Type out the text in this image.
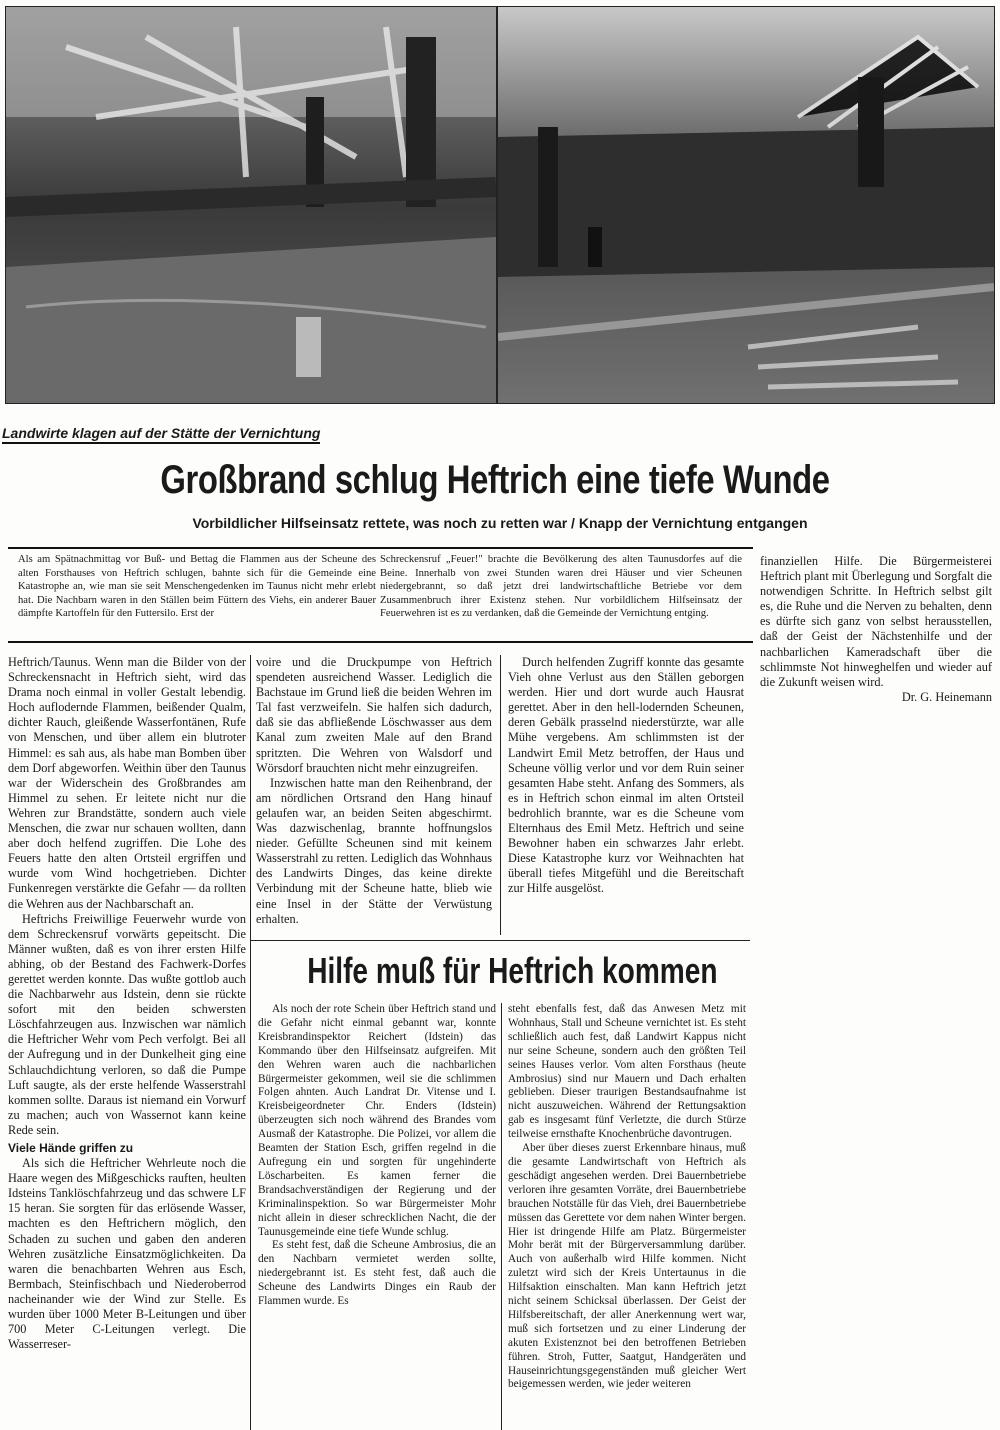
Landwirte klagen auf der Stätte der Vernichtung
Großbrand schlug Heftrich eine tiefe Wunde
Vorbildlicher Hilfseinsatz rettete, was noch zu retten war / Knapp der Vernichtung entgangen
Als am Spätnachmittag vor Buß- und Bettag die Flammen aus der Scheune des alten Forsthauses von Heftrich schlugen, bahnte sich für die Gemeinde eine Katastrophe an, wie man sie seit Menschengedenken im Taunus nicht mehr erlebt hat. Die Nachbarn waren in den Ställen beim Füttern des Viehs, ein anderer Bauer dämpfte Kartoffeln für den Futtersilo. Erst der
Schreckensruf „Feuer!" brachte die Bevölkerung des alten Taunusdorfes auf die Beine. Innerhalb von zwei Stunden waren drei Häuser und vier Scheunen niedergebrannt, so daß jetzt drei landwirtschaftliche Betriebe vor dem Zusammenbruch ihrer Existenz stehen. Nur vorbildlichem Hilfseinsatz der Feuerwehren ist es zu verdanken, daß die Gemeinde der Vernichtung entging.

finanziellen Hilfe. Die Bürgermeisterei Heftrich plant mit Überlegung und Sorgfalt die notwendigen Schritte. In Heftrich selbst gilt es, die Ruhe und die Nerven zu behalten, denn es dürfte sich ganz von selbst herausstellen, daß der Geist der Nächstenhilfe und der nachbarlichen Kameradschaft über die schlimmste Not hinweghelfen und wieder auf die Zukunft weisen wird.

Dr. G. Heinemann

Heftrich/Taunus. Wenn man die Bilder von der Schreckensnacht in Heftrich sieht, wird das Drama noch einmal in voller Gestalt lebendig. Hoch auflodernde Flammen, beißender Qualm, dichter Rauch, gleißende Wasserfontänen, Rufe von Menschen, und über allem ein blutroter Himmel: es sah aus, als habe man Bomben über dem Dorf abgeworfen. Weithin über den Taunus war der Widerschein des Großbrandes am Himmel zu sehen. Er leitete nicht nur die Wehren zur Brandstätte, sondern auch viele Menschen, die zwar nur schauen wollten, dann aber doch helfend zugriffen. Die Lohe des Feuers hatte den alten Ortsteil ergriffen und wurde vom Wind hochgetrieben. Dichter Funkenregen verstärkte die Gefahr — da rollten die Wehren aus der Nachbarschaft an.

Heftrichs Freiwillige Feuerwehr wurde von dem Schreckensruf vorwärts gepeitscht. Die Männer wußten, daß es von ihrer ersten Hilfe abhing, ob der Bestand des Fachwerk-Dorfes gerettet werden konnte. Das wußte gottlob auch die Nachbarwehr aus Idstein, denn sie rückte sofort mit den beiden schwersten Löschfahrzeugen aus. Inzwischen war nämlich die Heftricher Wehr vom Pech verfolgt. Bei all der Aufregung und in der Dunkelheit ging eine Schlauchdichtung verloren, so daß die Pumpe Luft saugte, als der erste helfende Wasserstrahl kommen sollte. Daraus ist niemand ein Vorwurf zu machen; auch von Wassernot kann keine Rede sein.

Viele Hände griffen zu

Als sich die Heftricher Wehrleute noch die Haare wegen des Mißgeschicks rauften, heulten Idsteins Tanklöschfahrzeug und das schwere LF 15 heran. Sie sorgten für das erlösende Wasser, machten es den Heftrichern möglich, den Schaden zu suchen und gaben den anderen Wehren zusätzliche Einsatzmöglichkeiten. Da waren die benachbarten Wehren aus Esch, Bermbach, Steinfischbach und Niederoberrod nacheinander wie der Wind zur Stelle. Es wurden über 1000 Meter B-Leitungen und über 700 Meter C-Leitungen verlegt. Die Wasserreser-

voire und die Druckpumpe von Heftrich spendeten ausreichend Wasser. Lediglich die Bachstaue im Grund ließ die beiden Wehren im Tal fast verzweifeln. Sie halfen sich dadurch, daß sie das abfließende Löschwasser aus dem Kanal zum zweiten Male auf den Brand spritzten. Die Wehren von Walsdorf und Wörsdorf brauchten nicht mehr einzugreifen.

Inzwischen hatte man den Reihenbrand, der am nördlichen Ortsrand den Hang hinauf gelaufen war, an beiden Seiten abgeschirmt. Was dazwischenlag, brannte hoffnungslos nieder. Gefüllte Scheunen sind mit keinem Wasserstrahl zu retten. Lediglich das Wohnhaus des Landwirts Dinges, das keine direkte Verbindung mit der Scheune hatte, blieb wie eine Insel in der Stätte der Verwüstung erhalten.

Durch helfenden Zugriff konnte das gesamte Vieh ohne Verlust aus den Ställen geborgen werden. Hier und dort wurde auch Hausrat gerettet. Aber in den hell-lodernden Scheunen, deren Gebälk prasselnd niederstürzte, war alle Mühe vergebens. Am schlimmsten ist der Landwirt Emil Metz betroffen, der Haus und Scheune völlig verlor und vor dem Ruin seiner gesamten Habe steht. Anfang des Sommers, als es in Heftrich schon einmal im alten Ortsteil bedrohlich brannte, war es die Scheune vom Elternhaus des Emil Metz. Heftrich und seine Bewohner haben ein schwarzes Jahr erlebt. Diese Katastrophe kurz vor Weihnachten hat überall tiefes Mitgefühl und die Bereitschaft zur Hilfe ausgelöst.

Hilfe muß für Heftrich kommen

Als noch der rote Schein über Heftrich stand und die Gefahr nicht einmal gebannt war, konnte Kreisbrandinspektor Reichert (Idstein) das Kommando über den Hilfseinsatz aufgreifen. Mit den Wehren waren auch die nachbarlichen Bürgermeister gekommen, weil sie die schlimmen Folgen ahnten. Auch Landrat Dr. Vitense und I. Kreisbeigeordneter Chr. Enders (Idstein) überzeugten sich noch während des Brandes vom Ausmaß der Katastrophe. Die Polizei, vor allem die Beamten der Station Esch, griffen regelnd in die Aufregung ein und sorgten für ungehinderte Löscharbeiten. Es kamen ferner die Brandsachverständigen der Regierung und der Kriminalinspektion. So war Bürgermeister Mohr nicht allein in dieser schrecklichen Nacht, die der Taunusgemeinde eine tiefe Wunde schlug.

Es steht fest, daß die Scheune Ambrosius, die an den Nachbarn vermietet werden sollte, niedergebrannt ist. Es steht fest, daß auch die Scheune des Landwirts Dinges ein Raub der Flammen wurde. Es

steht ebenfalls fest, daß das Anwesen Metz mit Wohnhaus, Stall und Scheune vernichtet ist. Es steht schließlich auch fest, daß Landwirt Kappus nicht nur seine Scheune, sondern auch den größten Teil seines Hauses verlor. Vom alten Forsthaus (heute Ambrosius) sind nur Mauern und Dach erhalten geblieben. Dieser traurigen Bestandsaufnahme ist nicht auszuweichen. Während der Rettungsaktion gab es insgesamt fünf Verletzte, die durch Stürze teilweise ernsthafte Knochenbrüche davontrugen.

Aber über dieses zuerst Erkennbare hinaus, muß die gesamte Landwirtschaft von Heftrich als geschädigt angesehen werden. Drei Bauernbetriebe verloren ihre gesamten Vorräte, drei Bauernbetriebe brauchen Notställe für das Vieh, drei Bauernbetriebe müssen das Gerettete vor dem nahen Winter bergen. Hier ist dringende Hilfe am Platz. Bürgermeister Mohr berät mit der Bürgerversammlung darüber. Auch von außerhalb wird Hilfe kommen. Nicht zuletzt wird sich der Kreis Untertaunus in die Hilfsaktion einschalten. Man kann Heftrich jetzt nicht seinem Schicksal überlassen. Der Geist der Hilfsbereitschaft, der aller Anerkennung wert war, muß sich fortsetzen und zu einer Linderung der akuten Existenznot bei den betroffenen Betrieben führen. Stroh, Futter, Saatgut, Handgeräten und Hauseinrichtungsgegenständen muß gleicher Wert beigemessen werden, wie jeder weiteren
